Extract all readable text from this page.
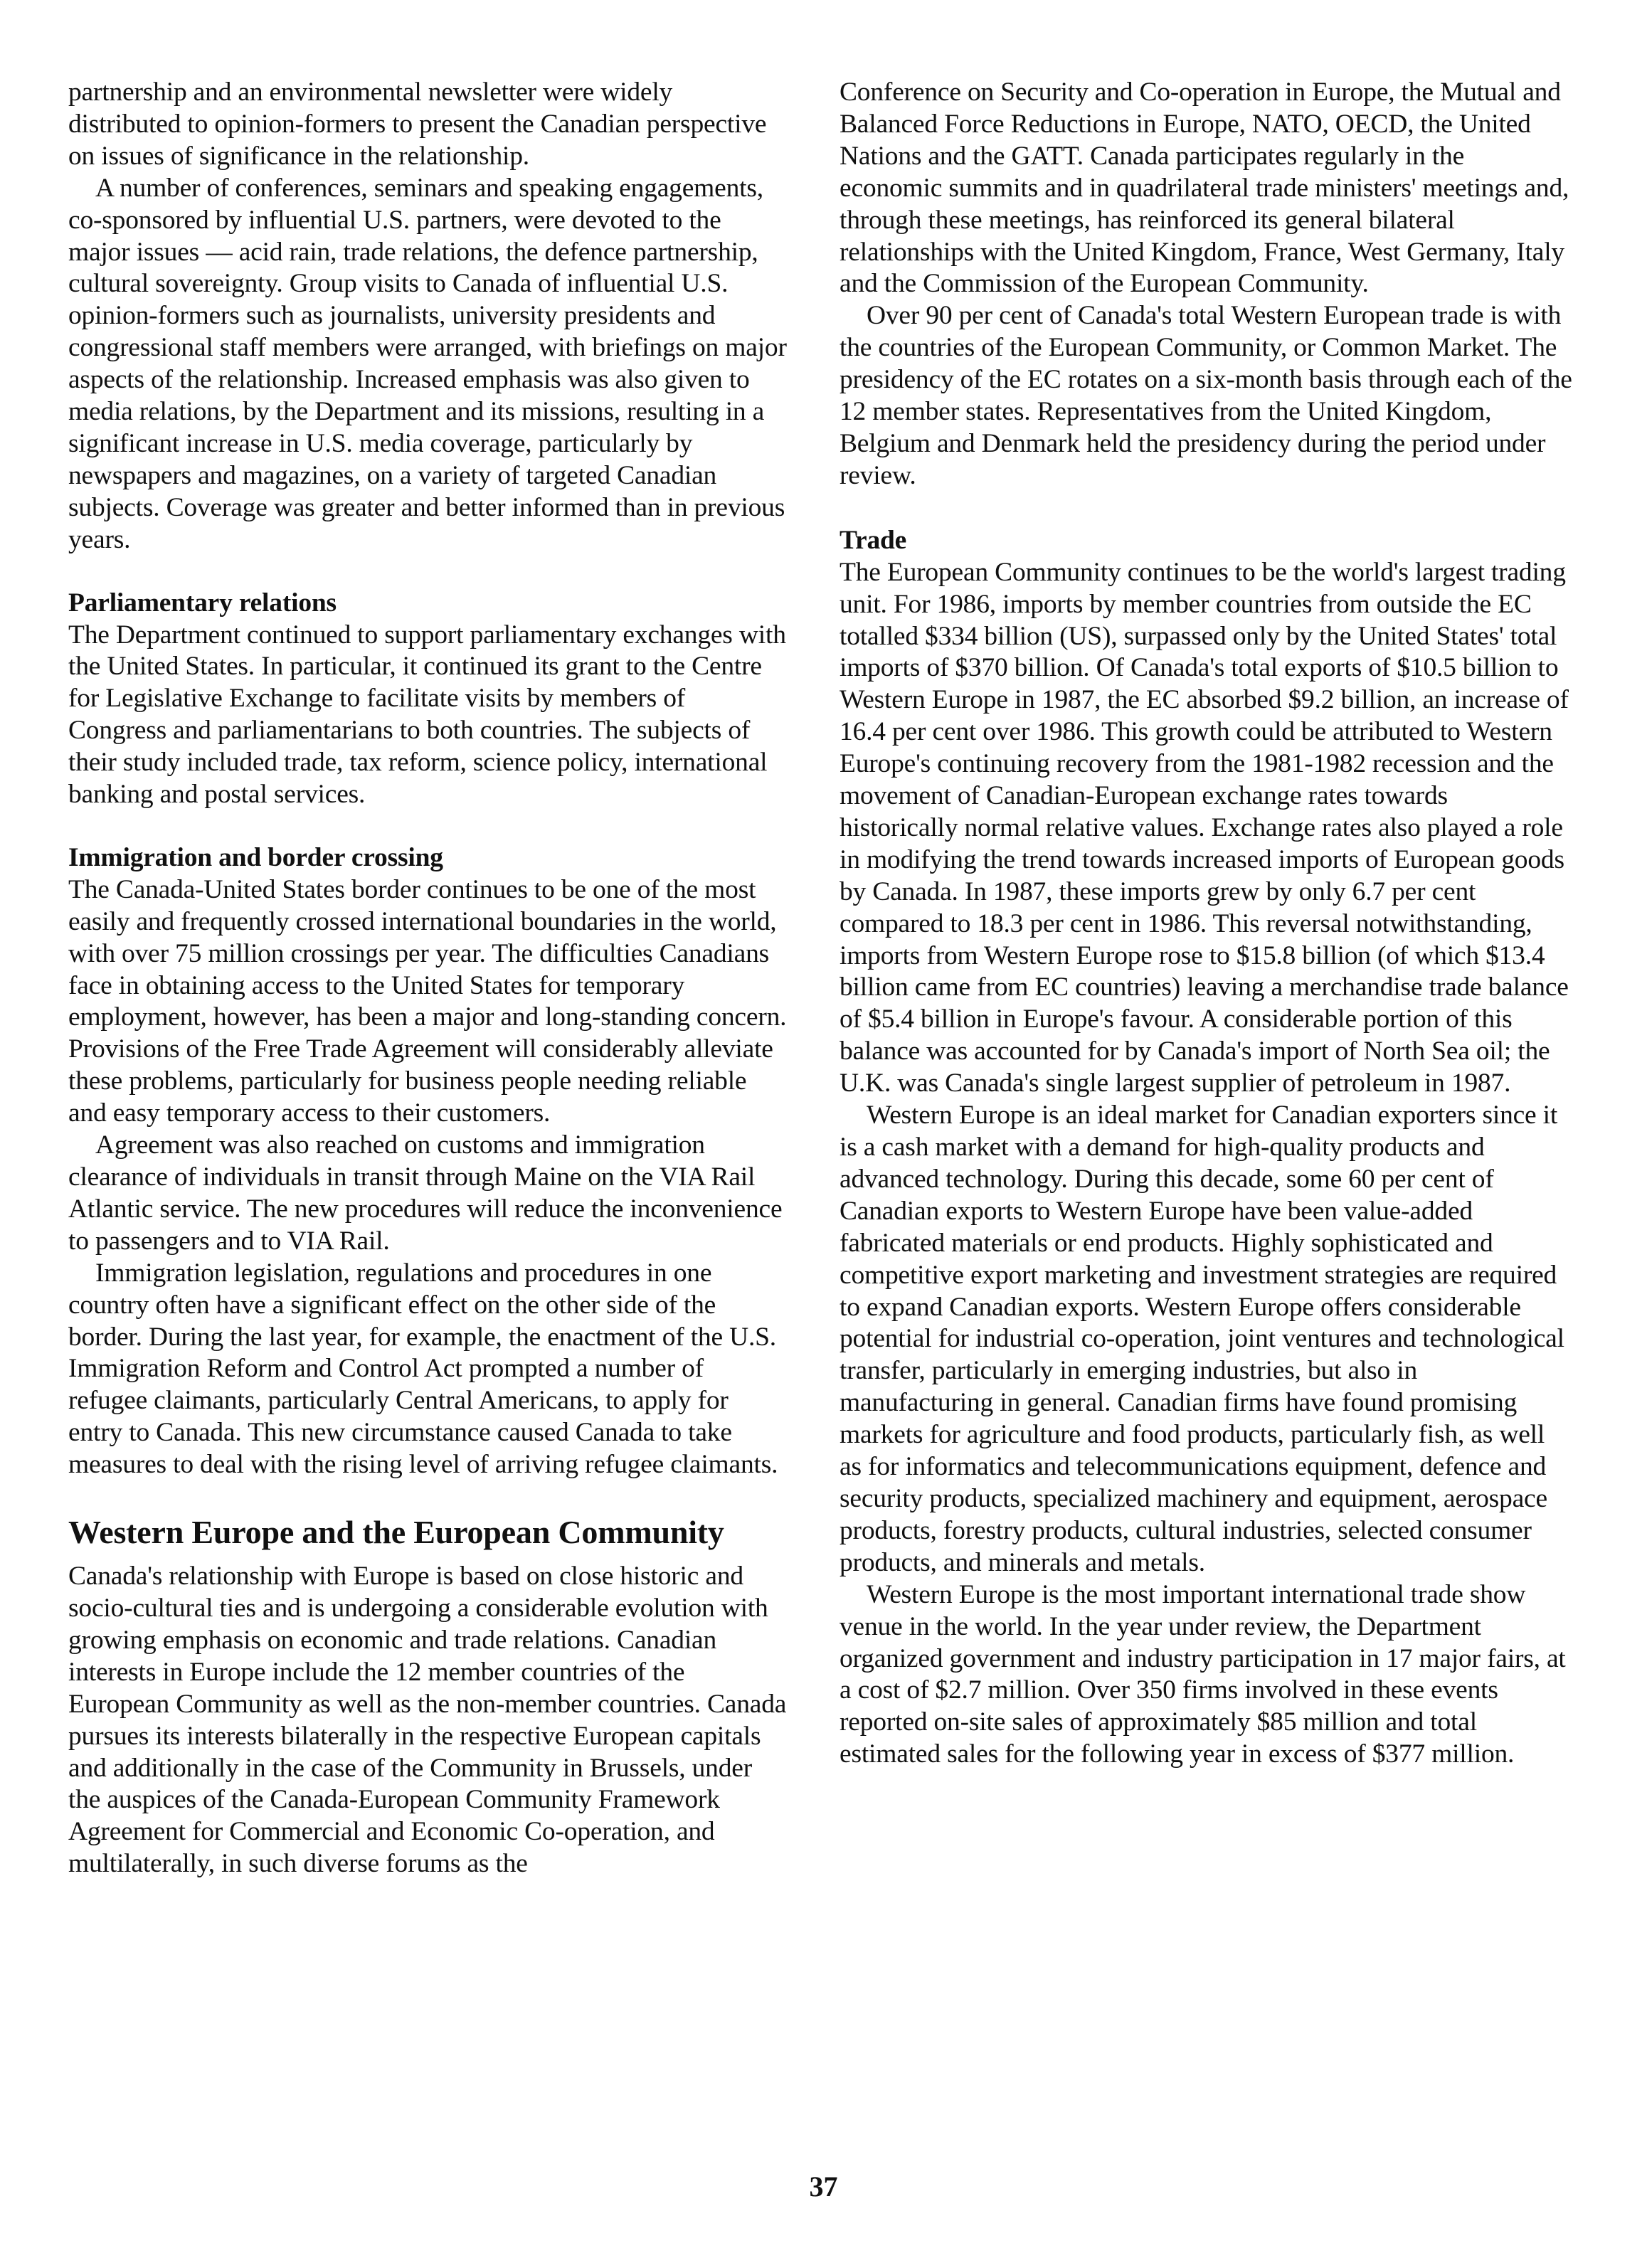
partnership and an environmental newsletter were widely distributed to opinion-formers to present the Canadian perspective on issues of significance in the relationship.

A number of conferences, seminars and speaking engagements, co-sponsored by influential U.S. partners, were devoted to the major issues — acid rain, trade relations, the defence partnership, cultural sovereignty. Group visits to Canada of influential U.S. opinion-formers such as journalists, university presidents and congressional staff members were arranged, with briefings on major aspects of the relationship. Increased emphasis was also given to media relations, by the Department and its missions, resulting in a significant increase in U.S. media coverage, particularly by newspapers and magazines, on a variety of targeted Canadian subjects. Coverage was greater and better informed than in previous years.

Parliamentary relations

The Department continued to support parliamentary exchanges with the United States. In particular, it continued its grant to the Centre for Legislative Exchange to facilitate visits by members of Congress and parliamentarians to both countries. The subjects of their study included trade, tax reform, science policy, international banking and postal services.

Immigration and border crossing

The Canada-United States border continues to be one of the most easily and frequently crossed international boundaries in the world, with over 75 million crossings per year. The difficulties Canadians face in obtaining access to the United States for temporary employment, however, has been a major and long-standing concern. Provisions of the Free Trade Agreement will considerably alleviate these problems, particularly for business people needing reliable and easy temporary access to their customers.

Agreement was also reached on customs and immigration clearance of individuals in transit through Maine on the VIA Rail Atlantic service. The new procedures will reduce the inconvenience to passengers and to VIA Rail.

Immigration legislation, regulations and procedures in one country often have a significant effect on the other side of the border. During the last year, for example, the enactment of the U.S. Immigration Reform and Control Act prompted a number of refugee claimants, particularly Central Americans, to apply for entry to Canada. This new circumstance caused Canada to take measures to deal with the rising level of arriving refugee claimants.

Western Europe and the European Community

Canada's relationship with Europe is based on close historic and socio-cultural ties and is undergoing a considerable evolution with growing emphasis on economic and trade relations. Canadian interests in Europe include the 12 member countries of the European Community as well as the non-member countries. Canada pursues its interests bilaterally in the respective European capitals and additionally in the case of the Community in Brussels, under the auspices of the Canada-European Community Framework Agreement for Commercial and Economic Co-operation, and multilaterally, in such diverse forums as the

Conference on Security and Co-operation in Europe, the Mutual and Balanced Force Reductions in Europe, NATO, OECD, the United Nations and the GATT. Canada participates regularly in the economic summits and in quadrilateral trade ministers' meetings and, through these meetings, has reinforced its general bilateral relationships with the United Kingdom, France, West Germany, Italy and the Commission of the European Community.

Over 90 per cent of Canada's total Western European trade is with the countries of the European Community, or Common Market. The presidency of the EC rotates on a six-month basis through each of the 12 member states. Representatives from the United Kingdom, Belgium and Denmark held the presidency during the period under review.

Trade

The European Community continues to be the world's largest trading unit. For 1986, imports by member countries from outside the EC totalled $334 billion (US), surpassed only by the United States' total imports of $370 billion. Of Canada's total exports of $10.5 billion to Western Europe in 1987, the EC absorbed $9.2 billion, an increase of 16.4 per cent over 1986. This growth could be attributed to Western Europe's continuing recovery from the 1981-1982 recession and the movement of Canadian-European exchange rates towards historically normal relative values. Exchange rates also played a role in modifying the trend towards increased imports of European goods by Canada. In 1987, these imports grew by only 6.7 per cent compared to 18.3 per cent in 1986. This reversal notwithstanding, imports from Western Europe rose to $15.8 billion (of which $13.4 billion came from EC countries) leaving a merchandise trade balance of $5.4 billion in Europe's favour. A considerable portion of this balance was accounted for by Canada's import of North Sea oil; the U.K. was Canada's single largest supplier of petroleum in 1987.

Western Europe is an ideal market for Canadian exporters since it is a cash market with a demand for high-quality products and advanced technology. During this decade, some 60 per cent of Canadian exports to Western Europe have been value-added fabricated materials or end products. Highly sophisticated and competitive export marketing and investment strategies are required to expand Canadian exports. Western Europe offers considerable potential for industrial co-operation, joint ventures and technological transfer, particularly in emerging industries, but also in manufacturing in general. Canadian firms have found promising markets for agriculture and food products, particularly fish, as well as for informatics and telecommunications equipment, defence and security products, specialized machinery and equipment, aerospace products, forestry products, cultural industries, selected consumer products, and minerals and metals.

Western Europe is the most important international trade show venue in the world. In the year under review, the Department organized government and industry participation in 17 major fairs, at a cost of $2.7 million. Over 350 firms involved in these events reported on-site sales of approximately $85 million and total estimated sales for the following year in excess of $377 million.

37
